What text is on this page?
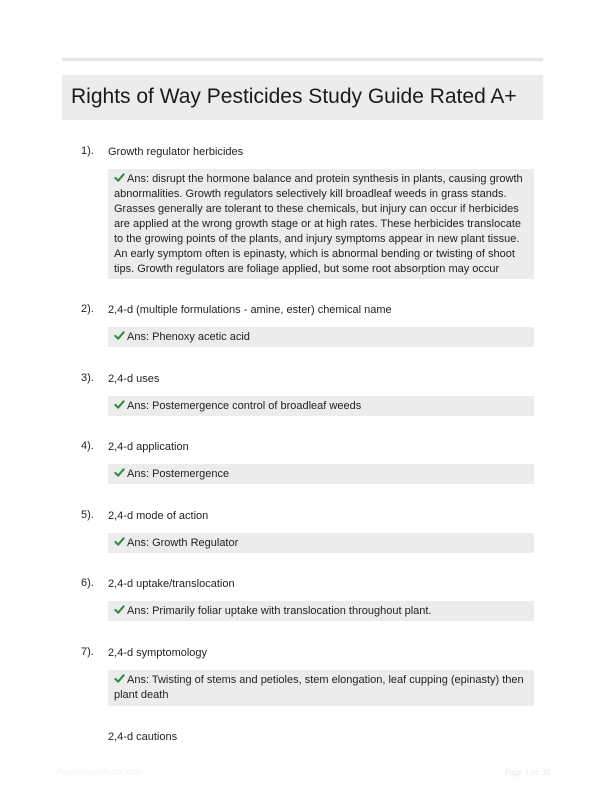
Rights of Way Pesticides Study Guide Rated A+
1). Growth regulator herbicides
Ans: disrupt the hormone balance and protein synthesis in plants, causing growth abnormalities. Growth regulators selectively kill broadleaf weeds in grass stands. Grasses generally are tolerant to these chemicals, but injury can occur if herbicides are applied at the wrong growth stage or at high rates. These herbicides translocate to the growing points of the plants, and injury symptoms appear in new plant tissue. An early symptom often is epinasty, which is abnormal bending or twisting of shoot tips. Growth regulators are foliage applied, but some root absorption may occur
2). 2,4-d (multiple formulations - amine, ester) chemical name
Ans: Phenoxy acetic acid
3). 2,4-d uses
Ans: Postemergence control of broadleaf weeds
4). 2,4-d application
Ans: Postemergence
5). 2,4-d mode of action
Ans: Growth Regulator
6). 2,4-d uptake/translocation
Ans: Primarily foliar uptake with translocation throughout plant.
7). 2,4-d symptomology
Ans: Twisting of stems and petioles, stem elongation, leaf cupping (epinasty) then plant death
2,4-d cautions
PaperStudyRock.com	Page 1 of 30
